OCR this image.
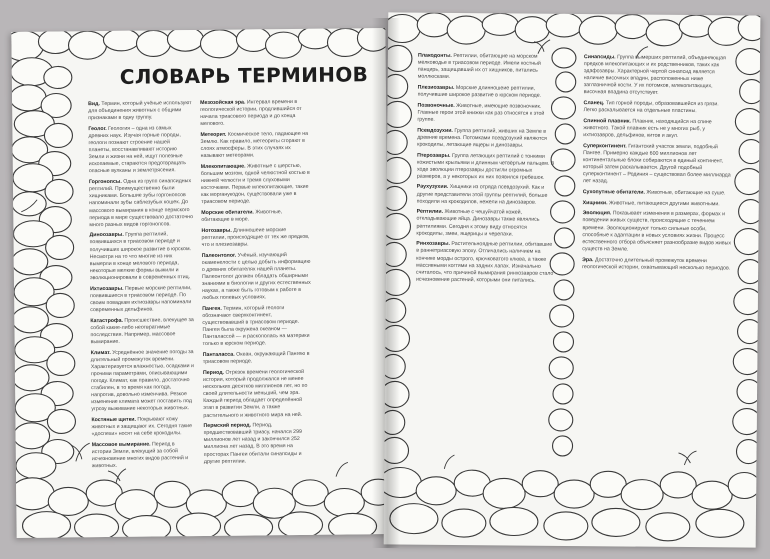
СЛОВАРЬ ТЕРМИНОВ

Вид. Термин, который учёные используют для объединения животных с общими признаками в одну группу.

Геолог. Геология – одна из самых древних наук. Изучая горные породы, геологи познают строение нашей планеты, восстанавливают историю Земли и жизни на ней, ищут полезные ископаемые, стараются предотвращать опасные вулканы и землетрясения.

Горгонопсы. Одна из групп синапсидных рептилий. Преимущественно были хищниками. Большие зубы горгонопсов напоминали зубы саблезубых кошек. До массового вымирания в конце пермского периода в мире существовало достаточно много разных видов горгонопсов.

Диноозавры. Группа рептилий, появившихся в триасовом периоде и получивших широкое развитие в юрском. Несмотря на то что многие из них вымерли в конце мелового периода, некоторые мелкие формы выжили и эволюционировали в современных птиц.

Ихтиозавры. Первые морские рептилии, появившиеся в триасовом периоде. По своим повадкам ихтиозавры напоминали современных дельфинов.

Катастрофа. Происшествие, влекущее за собой какие-либо неотвратимые последствия. Например, массовое вымирание.

Климат. Усреднённое значение погоды за длительный промежуток времени. Характеризуется влажностью, осадками и прочими параметрами, описывающими погоду. Климат, как правило, достаточно стабилен, в то время как погода, напротив, довольно изменчива. Резкое изменение климата может поставить под угрозу выживание некоторых животных.

Костяные щитки. Покрывают кожу животных и защищают их. Сегодня такие «доспехи» носят на себе крокодилы.

Массовое вымирание. Период в истории Земли, влекущий за собой исчезновение многих видов растений и животных.

Мезозойская эра. Интервал времени в геологической истории, продлившийся от начала триасового периода и до конца мелового.

Метеорит. Космическое тело, падающее на Землю. Как правило, метеориты сгорают в слоях атмосферы. В этих случаях их называют метеорами.

Млекопитающие. Животные с шерстью, большим мозгом, одной челюстной костью в нижней челюсти и тремя слуховыми косточками. Первые млекопитающие, такие как морганукодон, существовали уже в триасовом периоде.

Морские обитатели. Животные, обитающие в море.

Нотозавры. Длинношеие морские рептилии, происходящие от тех же предков, что и плезиозавры.

Палеонтолог. Учёный, изучающий окаменелости с целью добыть информацию о древних обитателях нашей планеты. Палеонтолог должен обладать обширными знаниями в биологии и других естественных науках, а также быть готовым к работе в любых полевых условиях.

Пангея. Термин, который геологи обозначают сверхконтинент, существовавший в триасовом периоде. Пангея была окружена океаном — Панталассой — и раскололась на материки только в юрском периоде.

Панталасса. Океан, окружающий Пангею в триасовом периоде.

Период. Отрезок времени геологической истории, который продолжался не менее нескольких десятков миллионов лет, но по своей длительности меньший, чем эра. Каждый период обладает определённой этап в развитии Земли, а также растительного и животного мира на ней.

Пермский период. Период, предшествовавший триасу, начался 299 миллионов лет назад и закончился 252 миллиона лет назад. В это время на просторах Пангеи обитали синапсиды и другие рептилии.

Плакодонты. Рептилии, обитающие на морском мелководье в триасовом периоде. Имели костный панцирь, защищавший их от хищников, питались моллюсками.

Плезиозавры. Морские длинношеие рептилии, получившие широкое развитие в юрском периоде.

Позвоночные. Животные, имеющие позвоночник. Главные герои этой книжки как раз относятся к этой группе.

Псевдозухии. Группа рептилий, живших на Земле в древние времена. Потомками псевдозухий являются крокодилы, летающие ящеры и динозавры.

Птерозавры. Группа летающих рептилий с тонкими кожистыми крыльями и длинным четвёртым пальцем. В ходе эволюции птерозавры достигли огромных размеров, а у некоторых их них появился гребешок.

Раухузухии. Хищники из отряда псевдозухий. Как и другие представители этой группы рептилий, больше походили на крокодилов, нежели на динозавров.

Рептилии. Животные с чешуйчатой кожей, откладывающие яйца. Динозавры также являлись рептилиями. Сегодня к этому виду относятся крокодилы, змеи, ящерицы и черепахи.

Ринхозавры. Растительноядные рептилии, обитавшие в раннетриасовую эпоху. Отличались наличием на кончике морды острого, крючковатого клюва, а также массивными когтями на задних лапах. Изначально считалось, что причиной вымирания ринхозавров стало исчезновение растений, которыми они питались.

Синапсиды. Группа вымерших рептилий, объединяющая предков млекопитающих и их родственников, таких как эдафозавры. Характерной чертой синапсид является наличие височных впадин, расположенных ниже заглазничной кости. У их потомков, млекопитающих, височная впадина отсутствует.

Сланец. Тип горной породы, образовавшейся из грязи. Легко раскалывается на отдельные пластины.

Спинной плавник. Плавник, находящийся на спине животного. Такой плавник есть не у многих рыб, у ихтиозавров, дельфинов, китов и акул.

Суперконтинент. Гигантский участок земли, подобный Пангее. Примерно каждые 600 миллионов лет континентальные блоки собираются в единый континент, который затем раскалывается. Другой подобный суперконтинент – Родиния – существовал более миллиарда лет назад.

Сухопутные обитатели. Животные, обитающие на суше.

Хищники. Животные, питающиеся другими животными.

Эволюция. Показывает изменения в размерах, формах и поведении живых существ, происходящие с течением времени. Эволюционируют только сильные особи, способные к адаптации в новых условиях жизни. Процесс естественного отбора объясняет разнообразие видов живых существ на Земле.

Эра. Достаточно длительный промежуток времени геологической истории, охватывающий несколько периодов.
